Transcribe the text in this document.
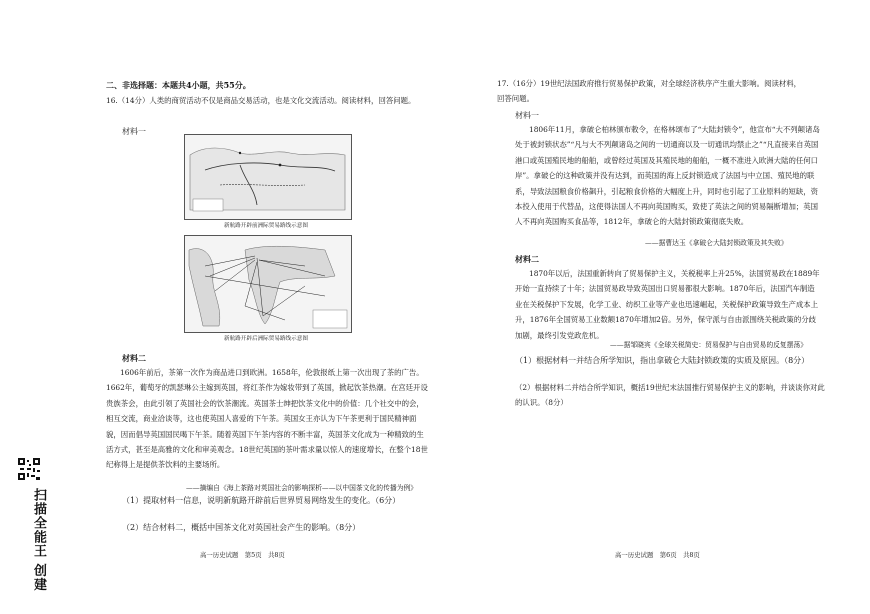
二、非选择题：本题共4小题，共55分。
16.（14分）人类的商贸活动不仅是商品交易活动，也是文化交流活动。阅读材料，回答问题。
材料一
新航路开辟前洲际贸易路线示意图
新航路开辟后洲际贸易路线示意图
材料二
1606年前后，茶第一次作为商品进口到欧洲。1658年，伦敦报纸上第一次出现了茶的广告。1662年，葡萄牙的凯瑟琳公主嫁到英国，将红茶作为嫁妆带到了英国，掀起饮茶热潮。在宫廷开设贵族茶会，由此引领了英国社会的饮茶潮流。英国茶士绅把饮茶文化中的价值：几个社交中的会，相互交流，商业洽谈等，这也使英国人喜爱的下午茶。英国女王亦认为下午茶更利于国民精神面貌，因而倡导英国国民喝下午茶。随着英国下午茶内容的不断丰富，英国茶文化成为一种精致的生活方式，甚至是高雅的文化和审美观念。18世纪英国的茶叶需求量以惊人的速度增长，在整个18世纪称得上是提供茶饮料的主要场所。
——摘编自《海上茶路对英国社会的影响探析——以中国茶文化的传播为例》
（1）提取材料一信息，说明新航路开辟前后世界贸易网络发生的变化。（6分）
（2）结合材料二，概括中国茶文化对英国社会产生的影响。（8分）
高一历史试题　第5页　共8页
扫描全能王 创建
17.（16分）19世纪法国政府推行贸易保护政策，对全球经济秩序产生重大影响。阅读材料，回答问题。
材料一
1806年11月，拿破仑柏林颁布敕令，在格林颂布了“大陆封锁令”，他宣布“大不列颠诸岛处于被封锁状态”“凡与大不列颠诸岛之间的一切通商以及一切通讯均禁止之”“凡直接来自英国港口或英国殖民地的船舶，或曾经过英国及其殖民地的船舶，一概不准进入欧洲大陆的任何口岸”。拿破仑的这种政策并没有达到，而英国的海上反封锁造成了法国与中立国、殖民地的联系，导致法国粮食价格飙升，引起粮食价格的大幅度上升，同时也引起了工业原料的短缺，资本投入使用于代替品，这使得法国人不再向英国购买，致使了英法之间的贸易隔断增加；英国人不再向英国购买食品等，1812年，拿破仑的大陆封锁政策彻底失败。
——据曹达玉《拿破仑大陆封锁政策及其失败》
材料二
1870年以后，法国重新转向了贸易保护主义，关税税率上升25%，法国贸易政在1889年开始一直持续了十年；法国贸易政导致英国出口贸易都很大影响。1870年后，法国汽车制造业在关税保护下发展，化学工业、纺织工业等产业也迅速崛起，关税保护政策导致生产成本上升，1876年全国贸易工业数额1870年增加2倍。另外，保守派与自由派围绕关税政策的分歧加剧，最终引发党政危机。
——据邹晓宾《全球关税简史：贸易保护与自由贸易的反复摆荡》
（1）根据材料一并结合所学知识，指出拿破仑大陆封锁政策的实质及原因。（8分）
（2）根据材料二并结合所学知识，概括19世纪末法国推行贸易保护主义的影响，并谈谈你对此的认识。（8分）
高一历史试题　第6页　共8页
